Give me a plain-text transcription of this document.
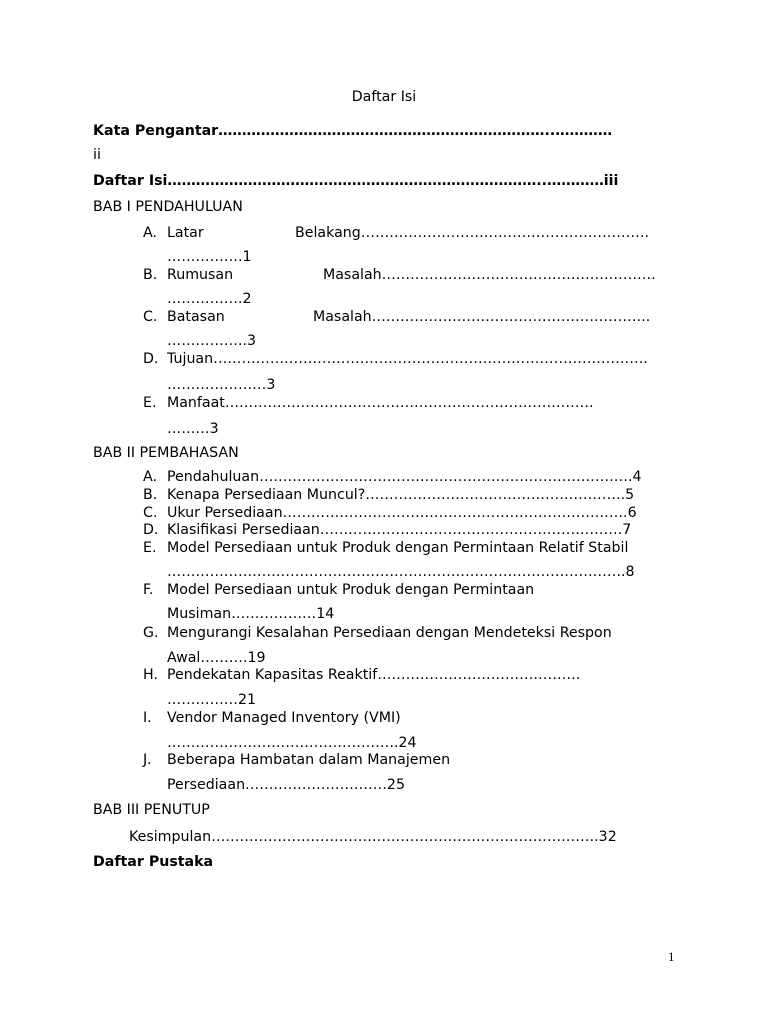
Daftar Isi
Kata Pengantar……………………………………………………………..…………
ii
Daftar Isi……………………………………………………………………..…………iii
BAB I PENDAHULUAN
A. Latar	Belakang…………………………………………………….
…………….1
B. Rumusan	Masalah………………………………………………….
…………….2
C. Batasan	Masalah…………………………………………………..
……………..3
D. Tujuan………………………………………………………………………………..
…………………3
E. Manfaat……………………………………………………………………
………3
BAB II PEMBAHASAN
A. Pendahuluan…………………………………………………………………….4
B. Kenapa Persediaan Muncul?……………………………………………….5
C. Ukur Persediaan……………………………………………………………….6
D. Klasifikasi Persediaan……………………………………………………….7
E. Model Persediaan untuk Produk dengan Permintaan Relatif Stabil
…………………………………………………………………………………….8
F. Model Persediaan untuk Produk dengan Permintaan
Musiman………………14
G. Mengurangi Kesalahan Persediaan dengan Mendeteksi Respon
Awal……….19
H. Pendekatan Kapasitas Reaktif…………………………………….
……………21
I. Vendor Managed Inventory (VMI)
………………………………………….24
J. Beberapa Hambatan dalam Manajemen
Persediaan…………………………25
BAB III PENUTUP
Kesimpulan……………………………………………………………………….32
Daftar Pustaka
1
